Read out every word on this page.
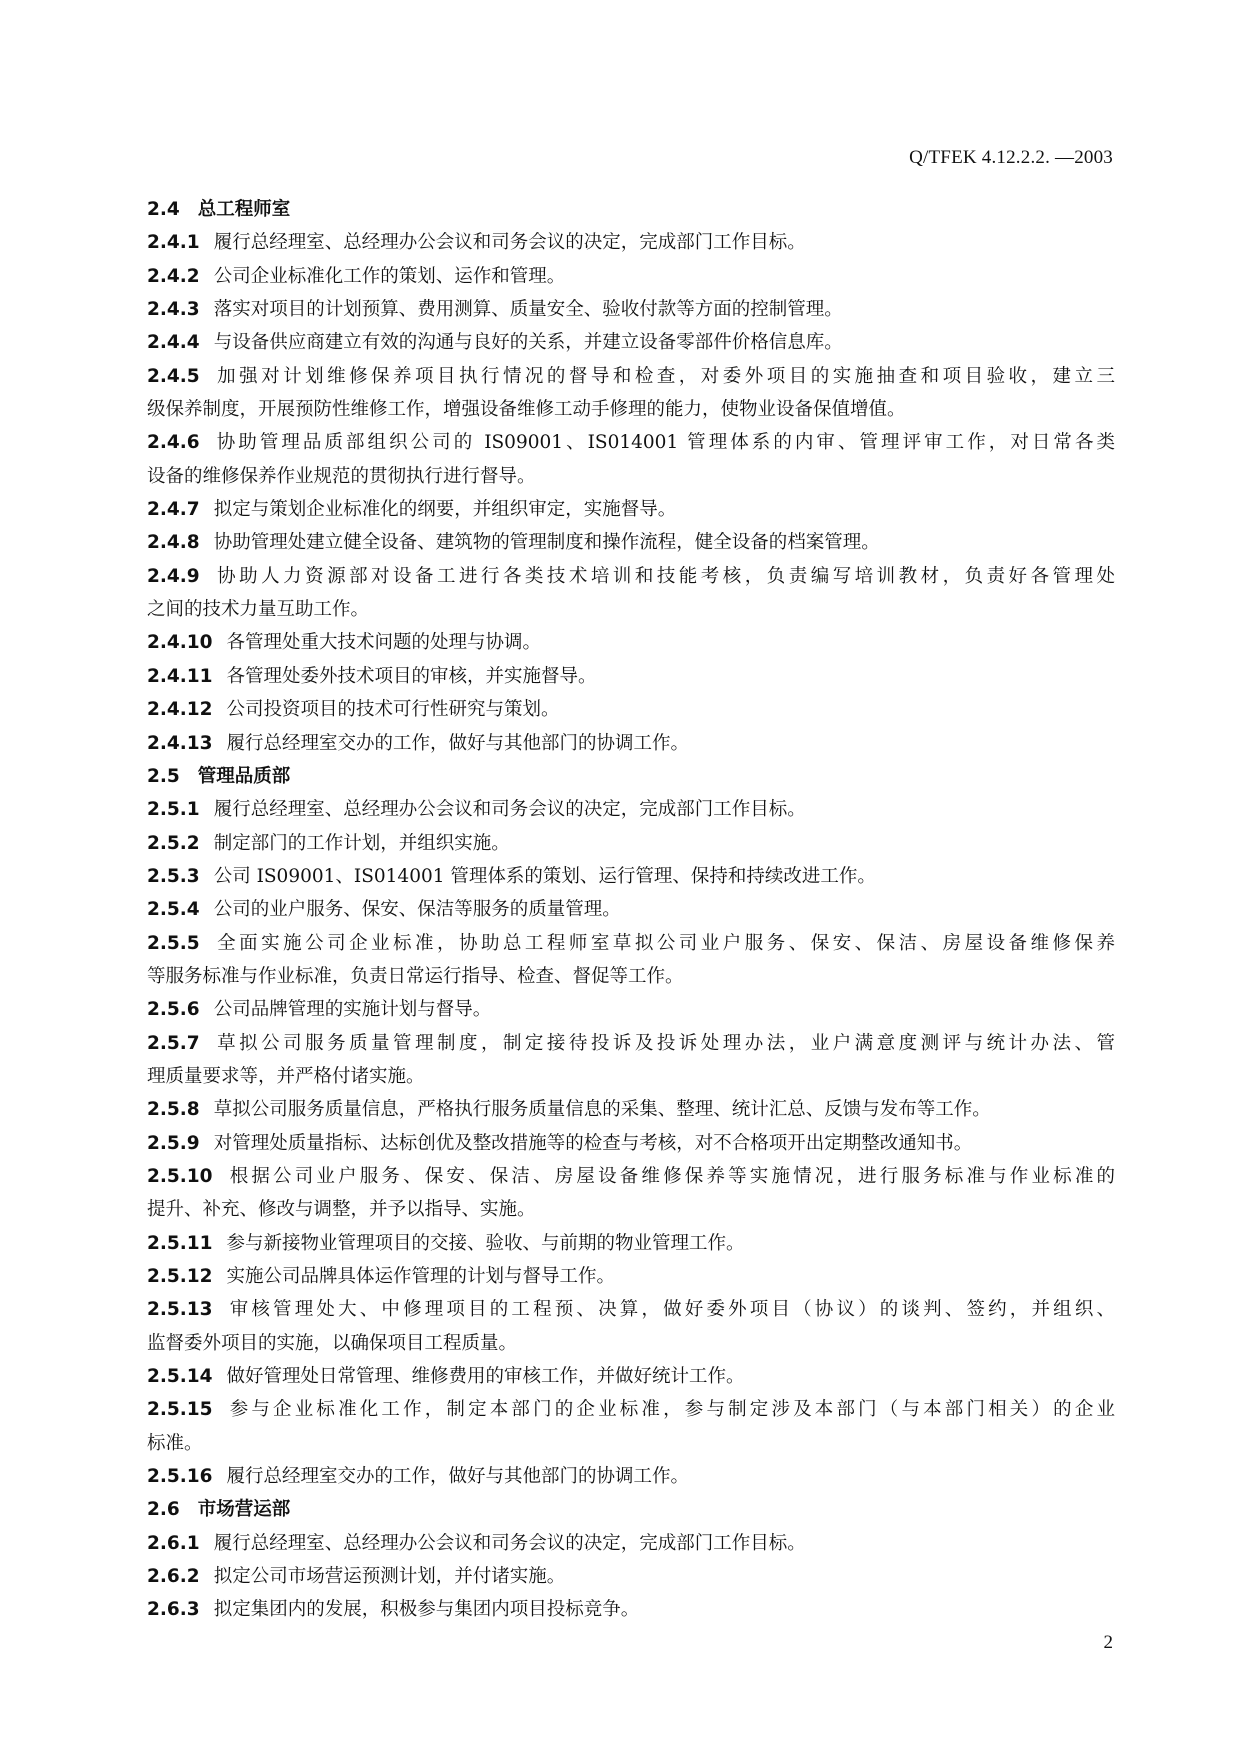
Q/TFEK 4.12.2.2. —2003
2.4 总工程师室
2.4.1 履行总经理室、总经理办公会议和司务会议的决定，完成部门工作目标。
2.4.2 公司企业标准化工作的策划、运作和管理。
2.4.3 落实对项目的计划预算、费用测算、质量安全、验收付款等方面的控制管理。
2.4.4 与设备供应商建立有效的沟通与良好的关系，并建立设备零部件价格信息库。
2.4.5 加强对计划维修保养项目执行情况的督导和检查，对委外项目的实施抽查和项目验收，建立三
级保养制度，开展预防性维修工作，增强设备维修工动手修理的能力，使物业设备保值增值。
2.4.6 协助管理品质部组织公司的 IS09001、IS014001 管理体系的内审、管理评审工作，对日常各类
设备的维修保养作业规范的贯彻执行进行督导。
2.4.7 拟定与策划企业标准化的纲要，并组织审定，实施督导。
2.4.8 协助管理处建立健全设备、建筑物的管理制度和操作流程，健全设备的档案管理。
2.4.9 协助人力资源部对设备工进行各类技术培训和技能考核，负责编写培训教材，负责好各管理处
之间的技术力量互助工作。
2.4.10 各管理处重大技术问题的处理与协调。
2.4.11 各管理处委外技术项目的审核，并实施督导。
2.4.12 公司投资项目的技术可行性研究与策划。
2.4.13 履行总经理室交办的工作，做好与其他部门的协调工作。
2.5 管理品质部
2.5.1 履行总经理室、总经理办公会议和司务会议的决定，完成部门工作目标。
2.5.2 制定部门的工作计划，并组织实施。
2.5.3 公司 IS09001、IS014001 管理体系的策划、运行管理、保持和持续改进工作。
2.5.4 公司的业户服务、保安、保洁等服务的质量管理。
2.5.5 全面实施公司企业标准，协助总工程师室草拟公司业户服务、保安、保洁、房屋设备维修保养
等服务标准与作业标准，负责日常运行指导、检查、督促等工作。
2.5.6 公司品牌管理的实施计划与督导。
2.5.7 草拟公司服务质量管理制度，制定接待投诉及投诉处理办法，业户满意度测评与统计办法、管
理质量要求等，并严格付诸实施。
2.5.8 草拟公司服务质量信息，严格执行服务质量信息的采集、整理、统计汇总、反馈与发布等工作。
2.5.9 对管理处质量指标、达标创优及整改措施等的检查与考核，对不合格项开出定期整改通知书。
2.5.10 根据公司业户服务、保安、保洁、房屋设备维修保养等实施情况，进行服务标准与作业标准的
提升、补充、修改与调整，并予以指导、实施。
2.5.11 参与新接物业管理项目的交接、验收、与前期的物业管理工作。
2.5.12 实施公司品牌具体运作管理的计划与督导工作。
2.5.13 审核管理处大、中修理项目的工程预、决算，做好委外项目（协议）的谈判、签约，并组织、
监督委外项目的实施，以确保项目工程质量。
2.5.14 做好管理处日常管理、维修费用的审核工作，并做好统计工作。
2.5.15 参与企业标准化工作，制定本部门的企业标准，参与制定涉及本部门（与本部门相关）的企业
标准。
2.5.16 履行总经理室交办的工作，做好与其他部门的协调工作。
2.6 市场营运部
2.6.1 履行总经理室、总经理办公会议和司务会议的决定，完成部门工作目标。
2.6.2 拟定公司市场营运预测计划，并付诸实施。
2.6.3 拟定集团内的发展，积极参与集团内项目投标竞争。
2
